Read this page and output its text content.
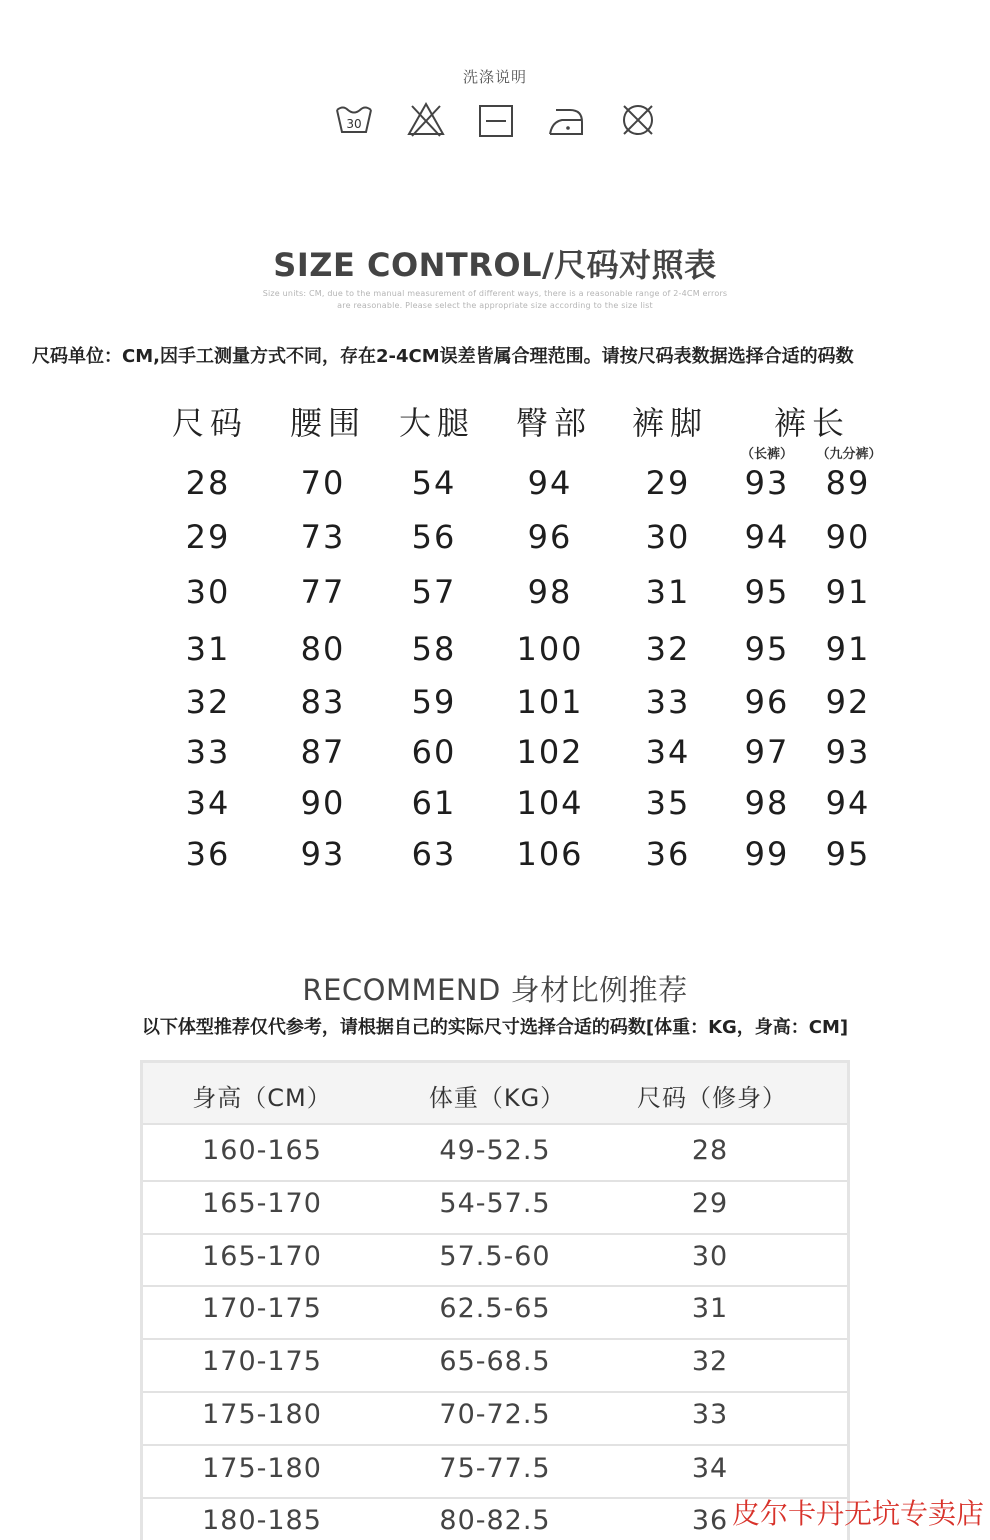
洗涤说明
30
SIZE CONTROL/尺码对照表
Size units: CM, due to the manual measurement of different ways, there is a reasonable range of 2-4CM errors
are reasonable. Please select the appropriate size according to the size list
尺码单位：CM,因手工测量方式不同，存在2-4CM误差皆属合理范围。请按尺码表数据选择合适的码数
尺码 腰围 大腿 臀部 裤脚 裤长
（长裤） （九分裤）
28 70 54 94 29 93 89
29 73 56 96 30 94 90
30 77 57 98 31 95 91
31 80 58 100 32 95 91
32 83 59 101 33 96 92
33 87 60 102 34 97 93
34 90 61 104 35 98 94
36 93 63 106 36 99 95
RECOMMEND 身材比例推荐
以下体型推荐仅代参考，请根据自己的实际尺寸选择合适的码数[体重：KG，身高：CM]
身高（CM）	体重（KG）	尺码（修身）
160-165	49-52.5	28
165-170	54-57.5	29
165-170	57.5-60	30
170-175	62.5-65	31
170-175	65-68.5	32
175-180	70-72.5	33
175-180	75-77.5	34
180-185	80-82.5	36 皮尔卡丹无坑专卖店
